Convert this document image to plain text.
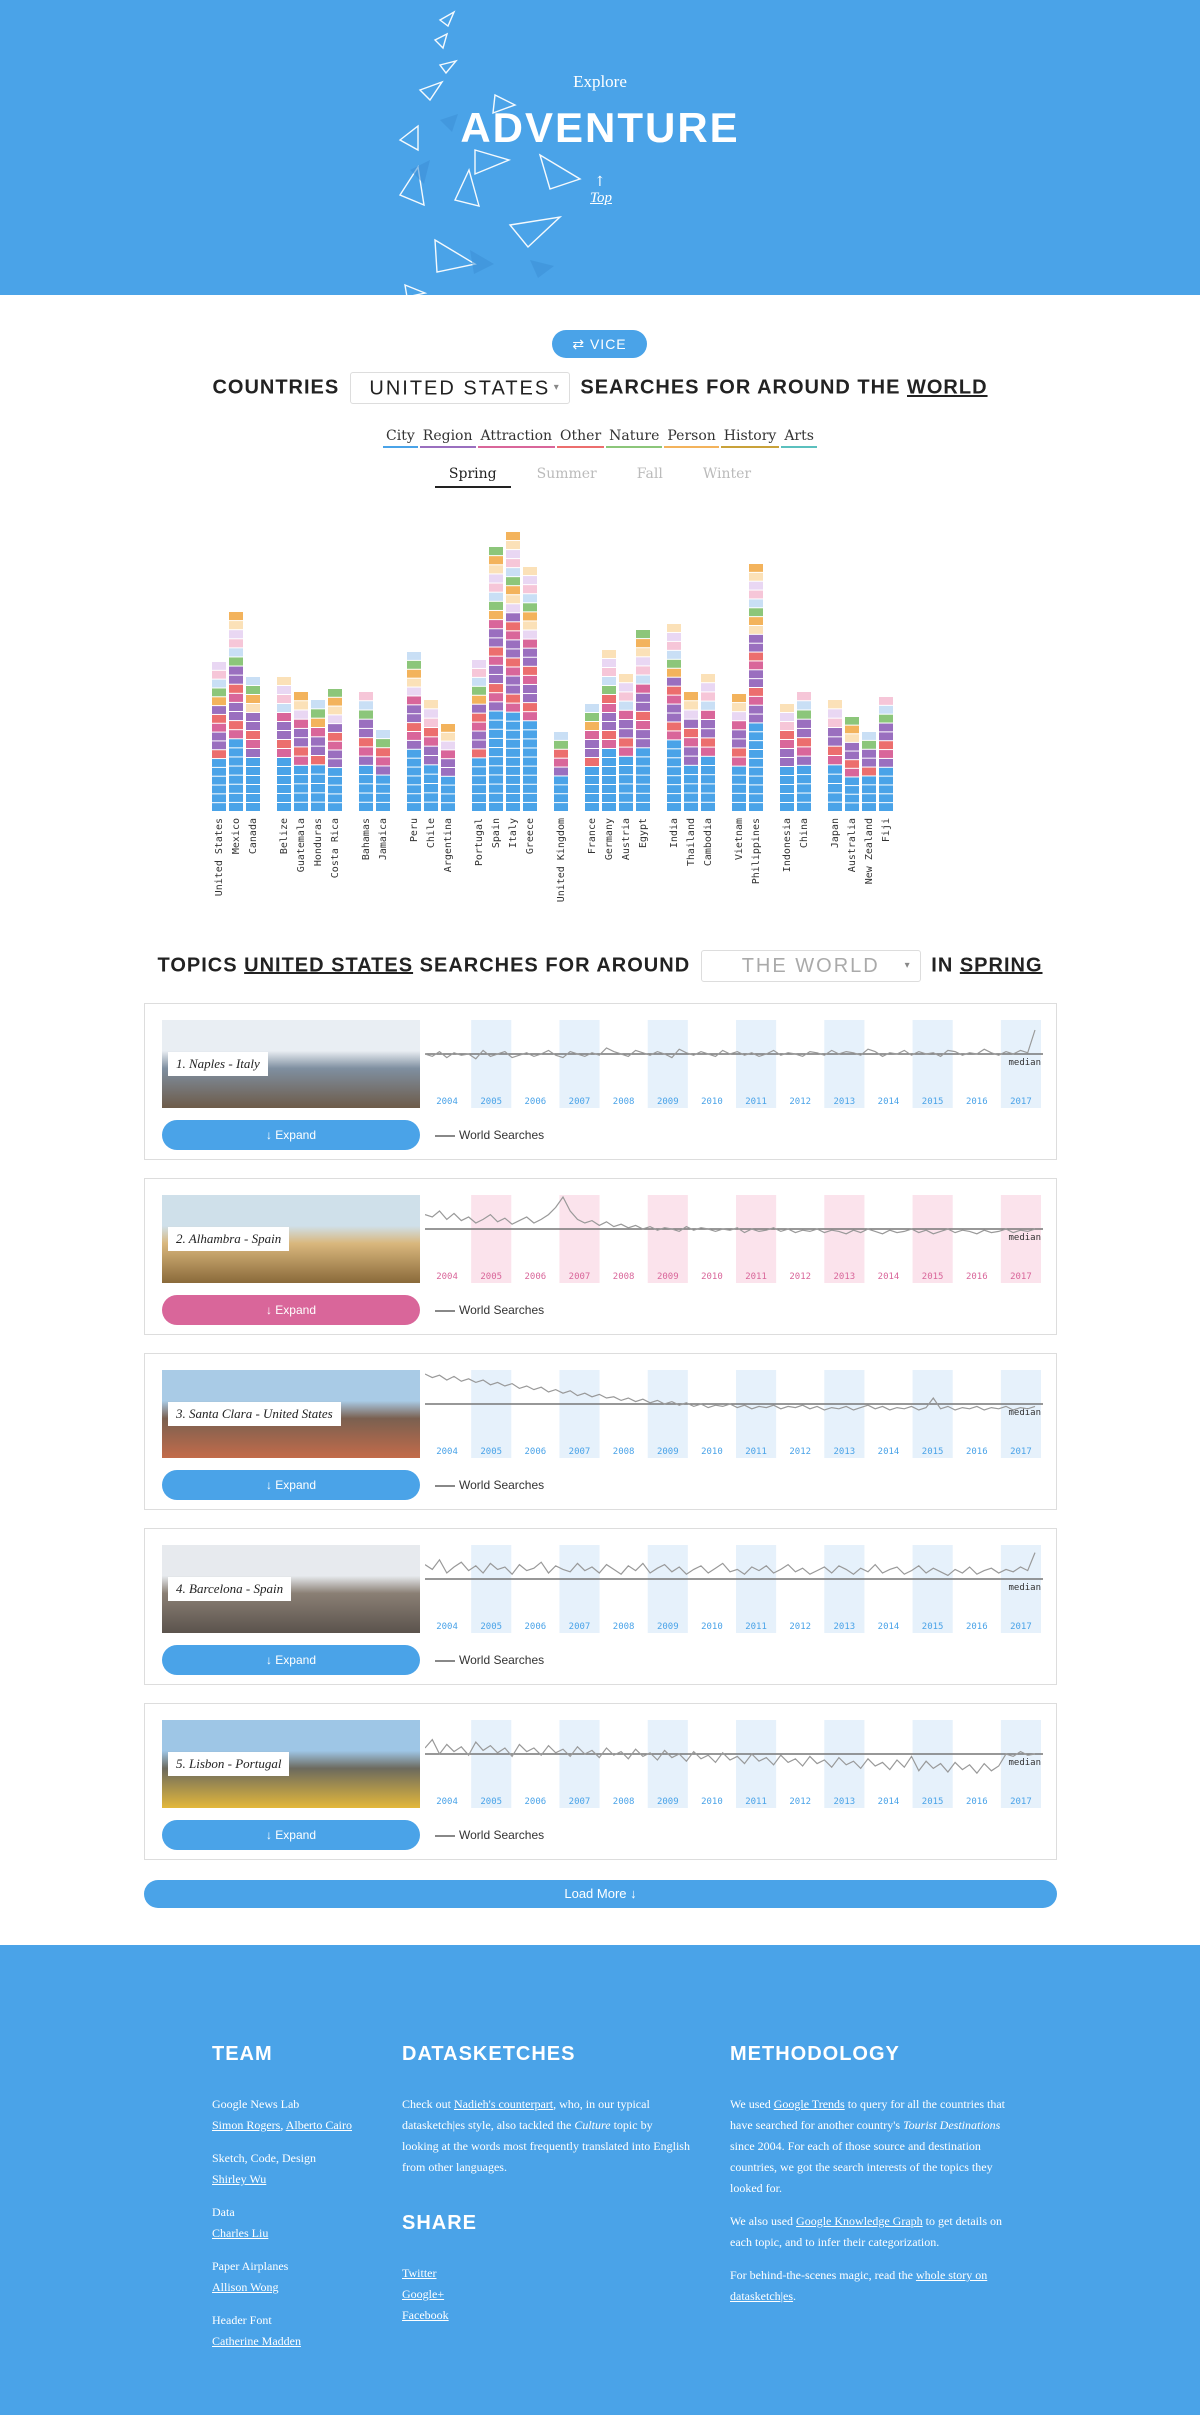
Explore
ADVENTURE
↑
Top
⇄ VICE VERSA
COUNTRIES UNITED STATES ▾ SEARCHES FOR AROUND THE WORLD
City Region Attraction Other Nature Person History Arts
Spring	Summer	Fall	Winter
United States Mexico Canada Belize Guatemala Honduras Costa Rica Bahamas Jamaica Peru Chile Argentina Portugal Spain Italy Greece United Kingdom France Germany Austria Egypt India Thailand Cambodia Vietnam Philippines Indonesia China Japan Australia New Zealand Fiji
TOPICS UNITED STATES SEARCHES FOR AROUND	THE WORLD ▾ IN SPRING
1. Naples - Italy
↓ Expand	World Searches
2004 2005 2006 2007 2008 2009 2010 2011 2012 2013 2014 2015 2016 2017
median
2. Alhambra - Spain
↓ Expand	World Searches
2004 2005 2006 2007 2008 2009 2010 2011 2012 2013 2014 2015 2016 2017
median
3. Santa Clara - United States
↓ Expand	World Searches
2004 2005 2006 2007 2008 2009 2010 2011 2012 2013 2014 2015 2016 2017
median
4. Barcelona - Spain
↓ Expand	World Searches
2004 2005 2006 2007 2008 2009 2010 2011 2012 2013 2014 2015 2016 2017
median
5. Lisbon - Portugal
↓ Expand	World Searches
2004 2005 2006 2007 2008 2009 2010 2011 2012 2013 2014 2015 2016 2017
median
Load More ↓
TEAM
Google News Lab
Simon Rogers, Alberto Cairo
Sketch, Code, Design
Shirley Wu
Data
Charles Liu
Paper Airplanes
Allison Wong
Header Font
Catherine Madden
DATASKETCHES

Check out Nadieh's counterpart, who, in our typical datasketch|es style, also tackled the Culture topic by looking at the words most frequently translated into English from other languages.

SHARE
Twitter
Google+
Facebook
METHODOLOGY

We used Google Trends to query for all the countries that have searched for another country's Tourist Destinations since 2004. For each of those source and destination countries, we got the search interests of the topics they looked for.

We also used Google Knowledge Graph to get details on each topic, and to infer their categorization.

For behind-the-scenes magic, read the whole story on datasketch|es.
